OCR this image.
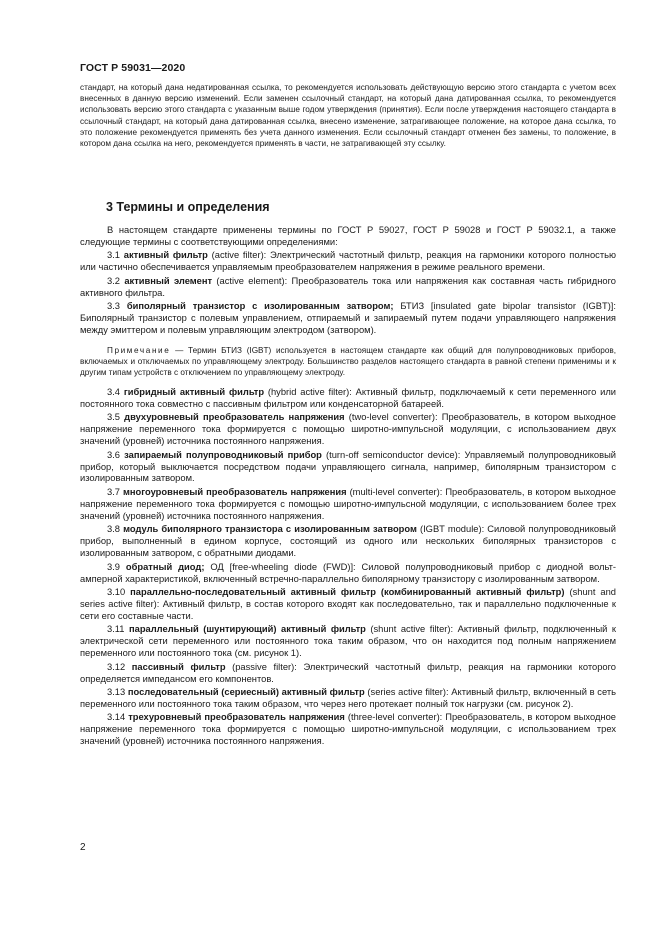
ГОСТ Р 59031—2020
стандарт, на который дана недатированная ссылка, то рекомендуется использовать действующую версию этого стандарта с учетом всех внесенных в данную версию изменений. Если заменен ссылочный стандарт, на который дана датированная ссылка, то рекомендуется использовать версию этого стандарта с указанным выше годом утверждения (принятия). Если после утверждения настоящего стандарта в ссылочный стандарт, на который дана датированная ссылка, внесено изменение, затрагивающее положение, на которое дана ссылка, то это положение рекомендуется применять без учета данного изменения. Если ссылочный стандарт отменен без замены, то положение, в котором дана ссылка на него, рекомендуется применять в части, не затрагивающей эту ссылку.
3 Термины и определения

В настоящем стандарте применены термины по ГОСТ Р 59027, ГОСТ Р 59028 и ГОСТ Р 59032.1, а также следующие термины с соответствующими определениями:

3.1 активный фильтр (active filter): Электрический частотный фильтр, реакция на гармоники которого полностью или частично обеспечивается управляемым преобразователем напряжения в режиме реального времени.

3.2 активный элемент (active element): Преобразователь тока или напряжения как составная часть гибридного активного фильтра.

3.3 биполярный транзистор с изолированным затвором; БТИЗ [insulated gate bipolar transistor (IGBT)]: Биполярный транзистор с полевым управлением, отпираемый и запираемый путем подачи управляющего напряжения между эмиттером и полевым управляющим электродом (затвором).

Примечание — Термин БТИЗ (IGBT) используется в настоящем стандарте как общий для полупроводниковых приборов, включаемых и отключаемых по управляющему электроду. Большинство разделов настоящего стандарта в равной степени применимы и к другим типам устройств с отключением по управляющему электроду.

3.4 гибридный активный фильтр (hybrid active filter): Активный фильтр, подключаемый к сети переменного или постоянного тока совместно с пассивным фильтром или конденсаторной батареей.

3.5 двухуровневый преобразователь напряжения (two-level converter): Преобразователь, в котором выходное напряжение переменного тока формируется с помощью широтно-импульсной модуляции, с использованием двух значений (уровней) источника постоянного напряжения.

3.6 запираемый полупроводниковый прибор (turn-off semiconductor device): Управляемый полупроводниковый прибор, который выключается посредством подачи управляющего сигнала, например, биполярным транзистором с изолированным затвором.

3.7 многоуровневый преобразователь напряжения (multi-level converter): Преобразователь, в котором выходное напряжение переменного тока формируется с помощью широтно-импульсной модуляции, с использованием более трех значений (уровней) источника постоянного напряжения.

3.8 модуль биполярного транзистора с изолированным затвором (IGBT module): Силовой полупроводниковый прибор, выполненный в едином корпусе, состоящий из одного или нескольких биполярных транзисторов с изолированным затвором, с обратными диодами.

3.9 обратный диод; ОД [free-wheeling diode (FWD)]: Силовой полупроводниковый прибор с диодной вольт-амперной характеристикой, включенный встречно-параллельно биполярному транзистору с изолированным затвором.

3.10 параллельно-последовательный активный фильтр (комбинированный активный фильтр) (shunt and series active filter): Активный фильтр, в состав которого входят как последовательно, так и параллельно подключенные к сети его составные части.

3.11 параллельный (шунтирующий) активный фильтр (shunt active filter): Активный фильтр, подключенный к электрической сети переменного или постоянного тока таким образом, что он находится под полным напряжением переменного или постоянного тока (см. рисунок 1).

3.12 пассивный фильтр (passive filter): Электрический частотный фильтр, реакция на гармоники которого определяется импедансом его компонентов.

3.13 последовательный (сериесный) активный фильтр (series active filter): Активный фильтр, включенный в сеть переменного или постоянного тока таким образом, что через него протекает полный ток нагрузки (см. рисунок 2).

3.14 трехуровневый преобразователь напряжения (three-level converter): Преобразователь, в котором выходное напряжение переменного тока формируется с помощью широтно-импульсной модуляции, с использованием трех значений (уровней) источника постоянного напряжения.

2
